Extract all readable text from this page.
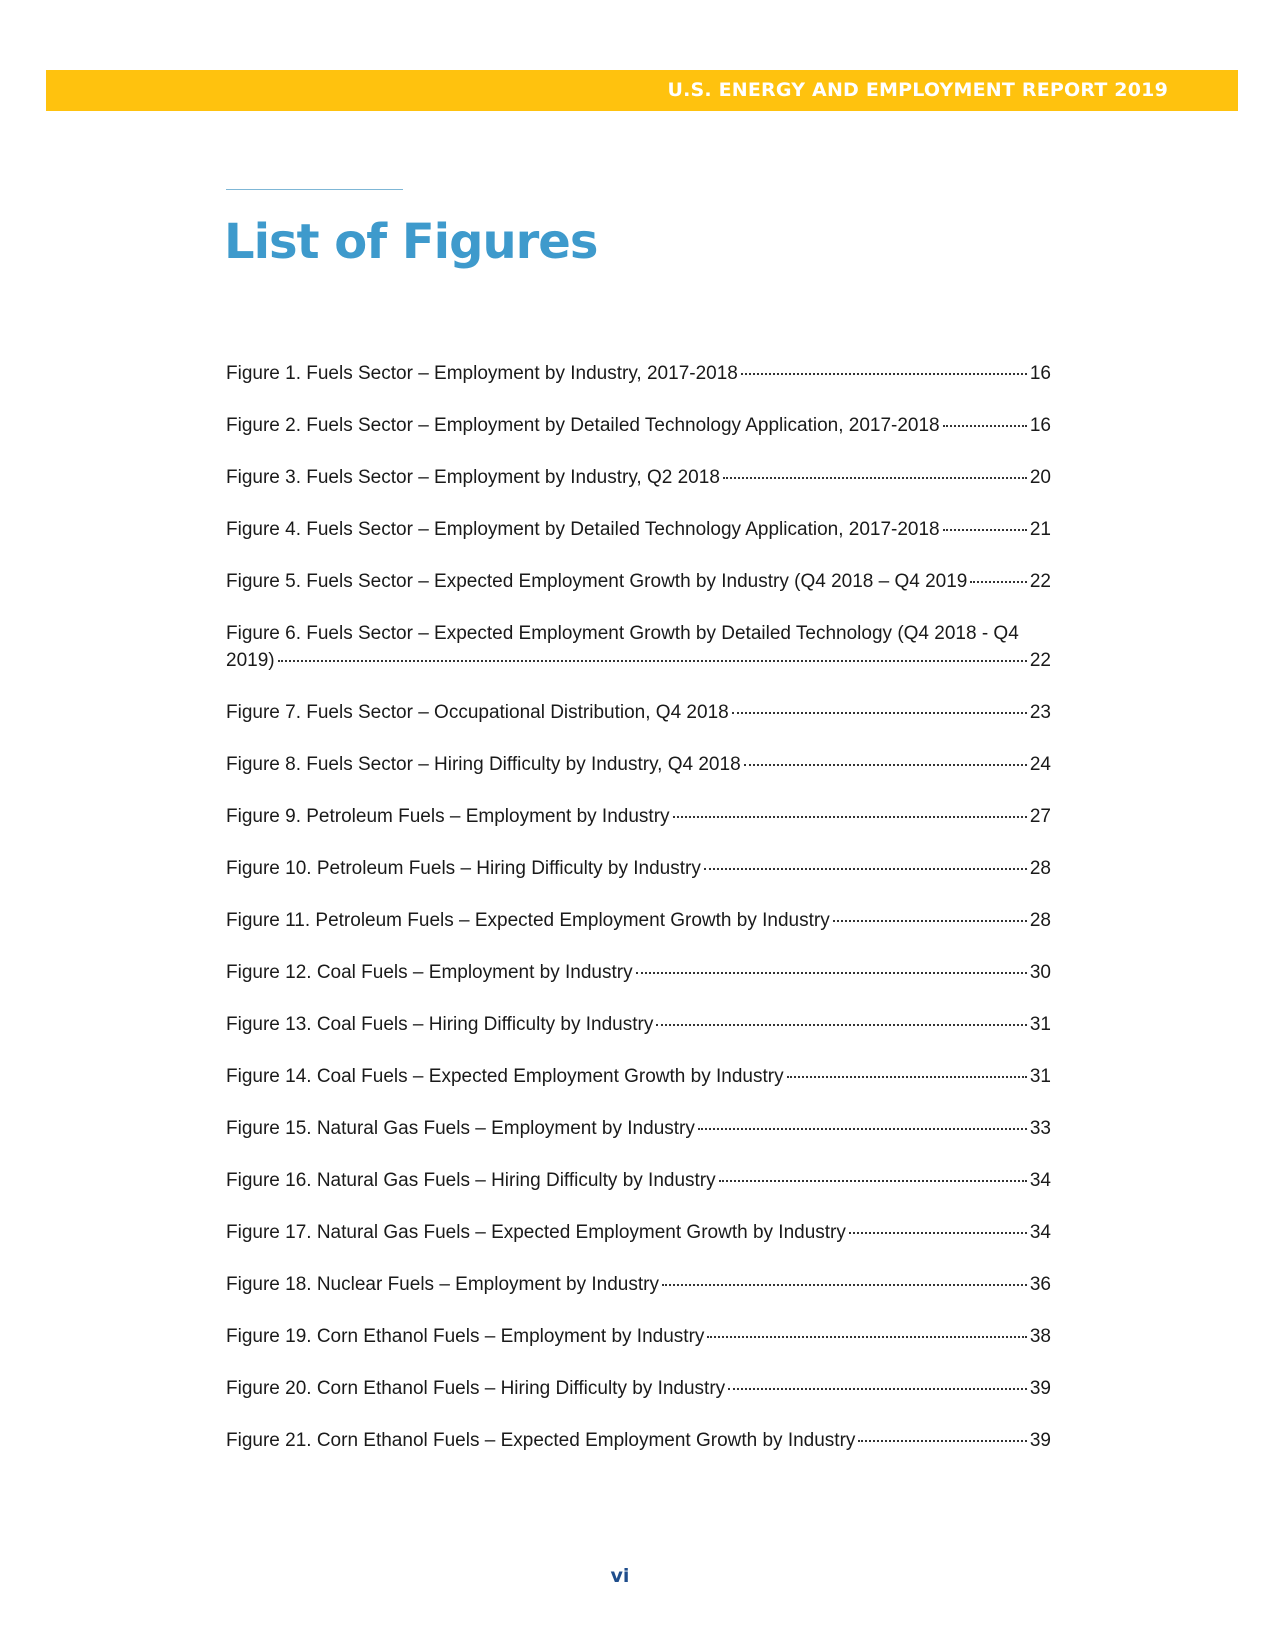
U.S. ENERGY AND EMPLOYMENT REPORT 2019
List of Figures
Figure 1. Fuels Sector – Employment by Industry, 2017-2018	16
Figure 2. Fuels Sector – Employment by Detailed Technology Application, 2017-2018	16
Figure 3. Fuels Sector – Employment by Industry, Q2 2018	20
Figure 4. Fuels Sector – Employment by Detailed Technology Application, 2017-2018	21
Figure 5. Fuels Sector – Expected Employment Growth by Industry (Q4 2018 – Q4 2019	22
Figure 6. Fuels Sector – Expected Employment Growth by Detailed Technology (Q4 2018 - Q4
2019)	22
Figure 7. Fuels Sector – Occupational Distribution, Q4 2018	23
Figure 8. Fuels Sector – Hiring Difficulty by Industry, Q4 2018	24
Figure 9. Petroleum Fuels – Employment by Industry	27
Figure 10. Petroleum Fuels – Hiring Difficulty by Industry	28
Figure 11. Petroleum Fuels – Expected Employment Growth by Industry	28
Figure 12. Coal Fuels – Employment by Industry	30
Figure 13. Coal Fuels – Hiring Difficulty by Industry	31
Figure 14. Coal Fuels – Expected Employment Growth by Industry	31
Figure 15. Natural Gas Fuels – Employment by Industry	33
Figure 16. Natural Gas Fuels – Hiring Difficulty by Industry	34
Figure 17. Natural Gas Fuels – Expected Employment Growth by Industry	34
Figure 18. Nuclear Fuels – Employment by Industry	36
Figure 19. Corn Ethanol Fuels – Employment by Industry	38
Figure 20. Corn Ethanol Fuels – Hiring Difficulty by Industry	39
Figure 21. Corn Ethanol Fuels – Expected Employment Growth by Industry	39
vi
